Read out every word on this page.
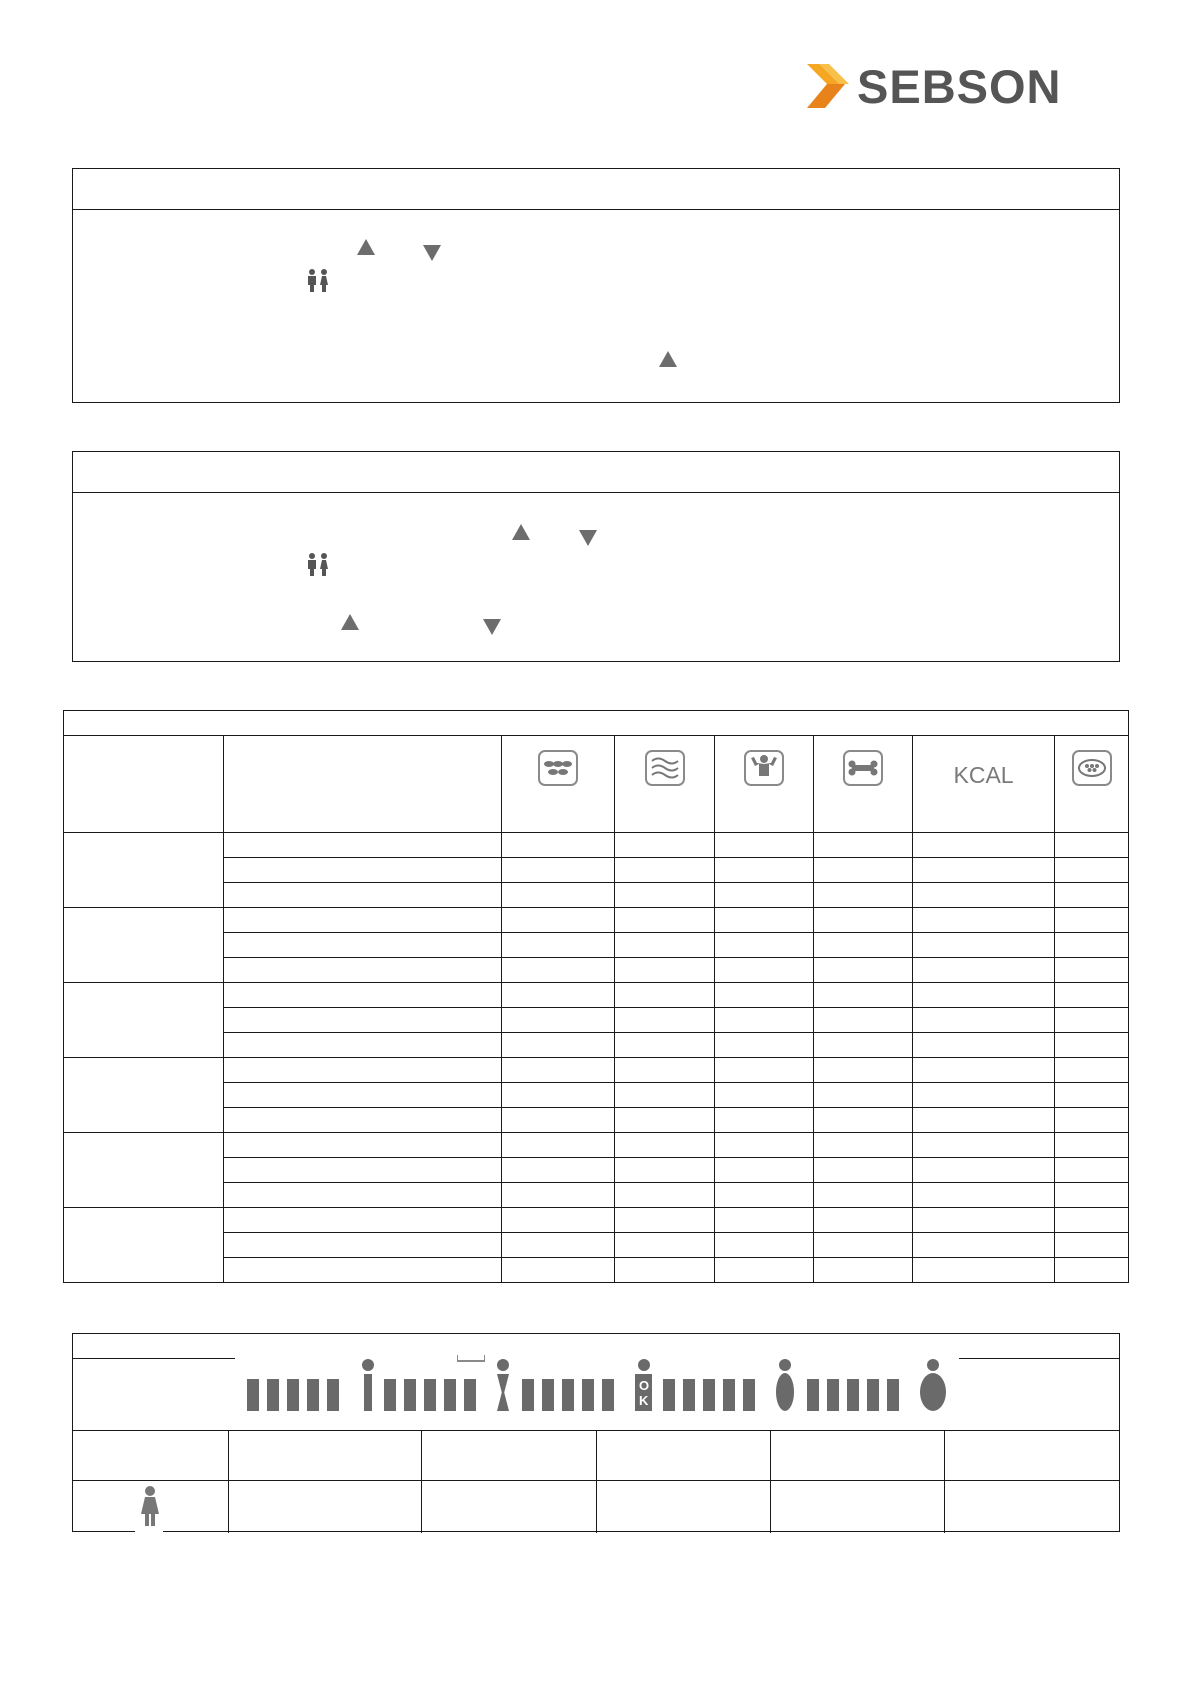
SEBSON

KCAL

OK
